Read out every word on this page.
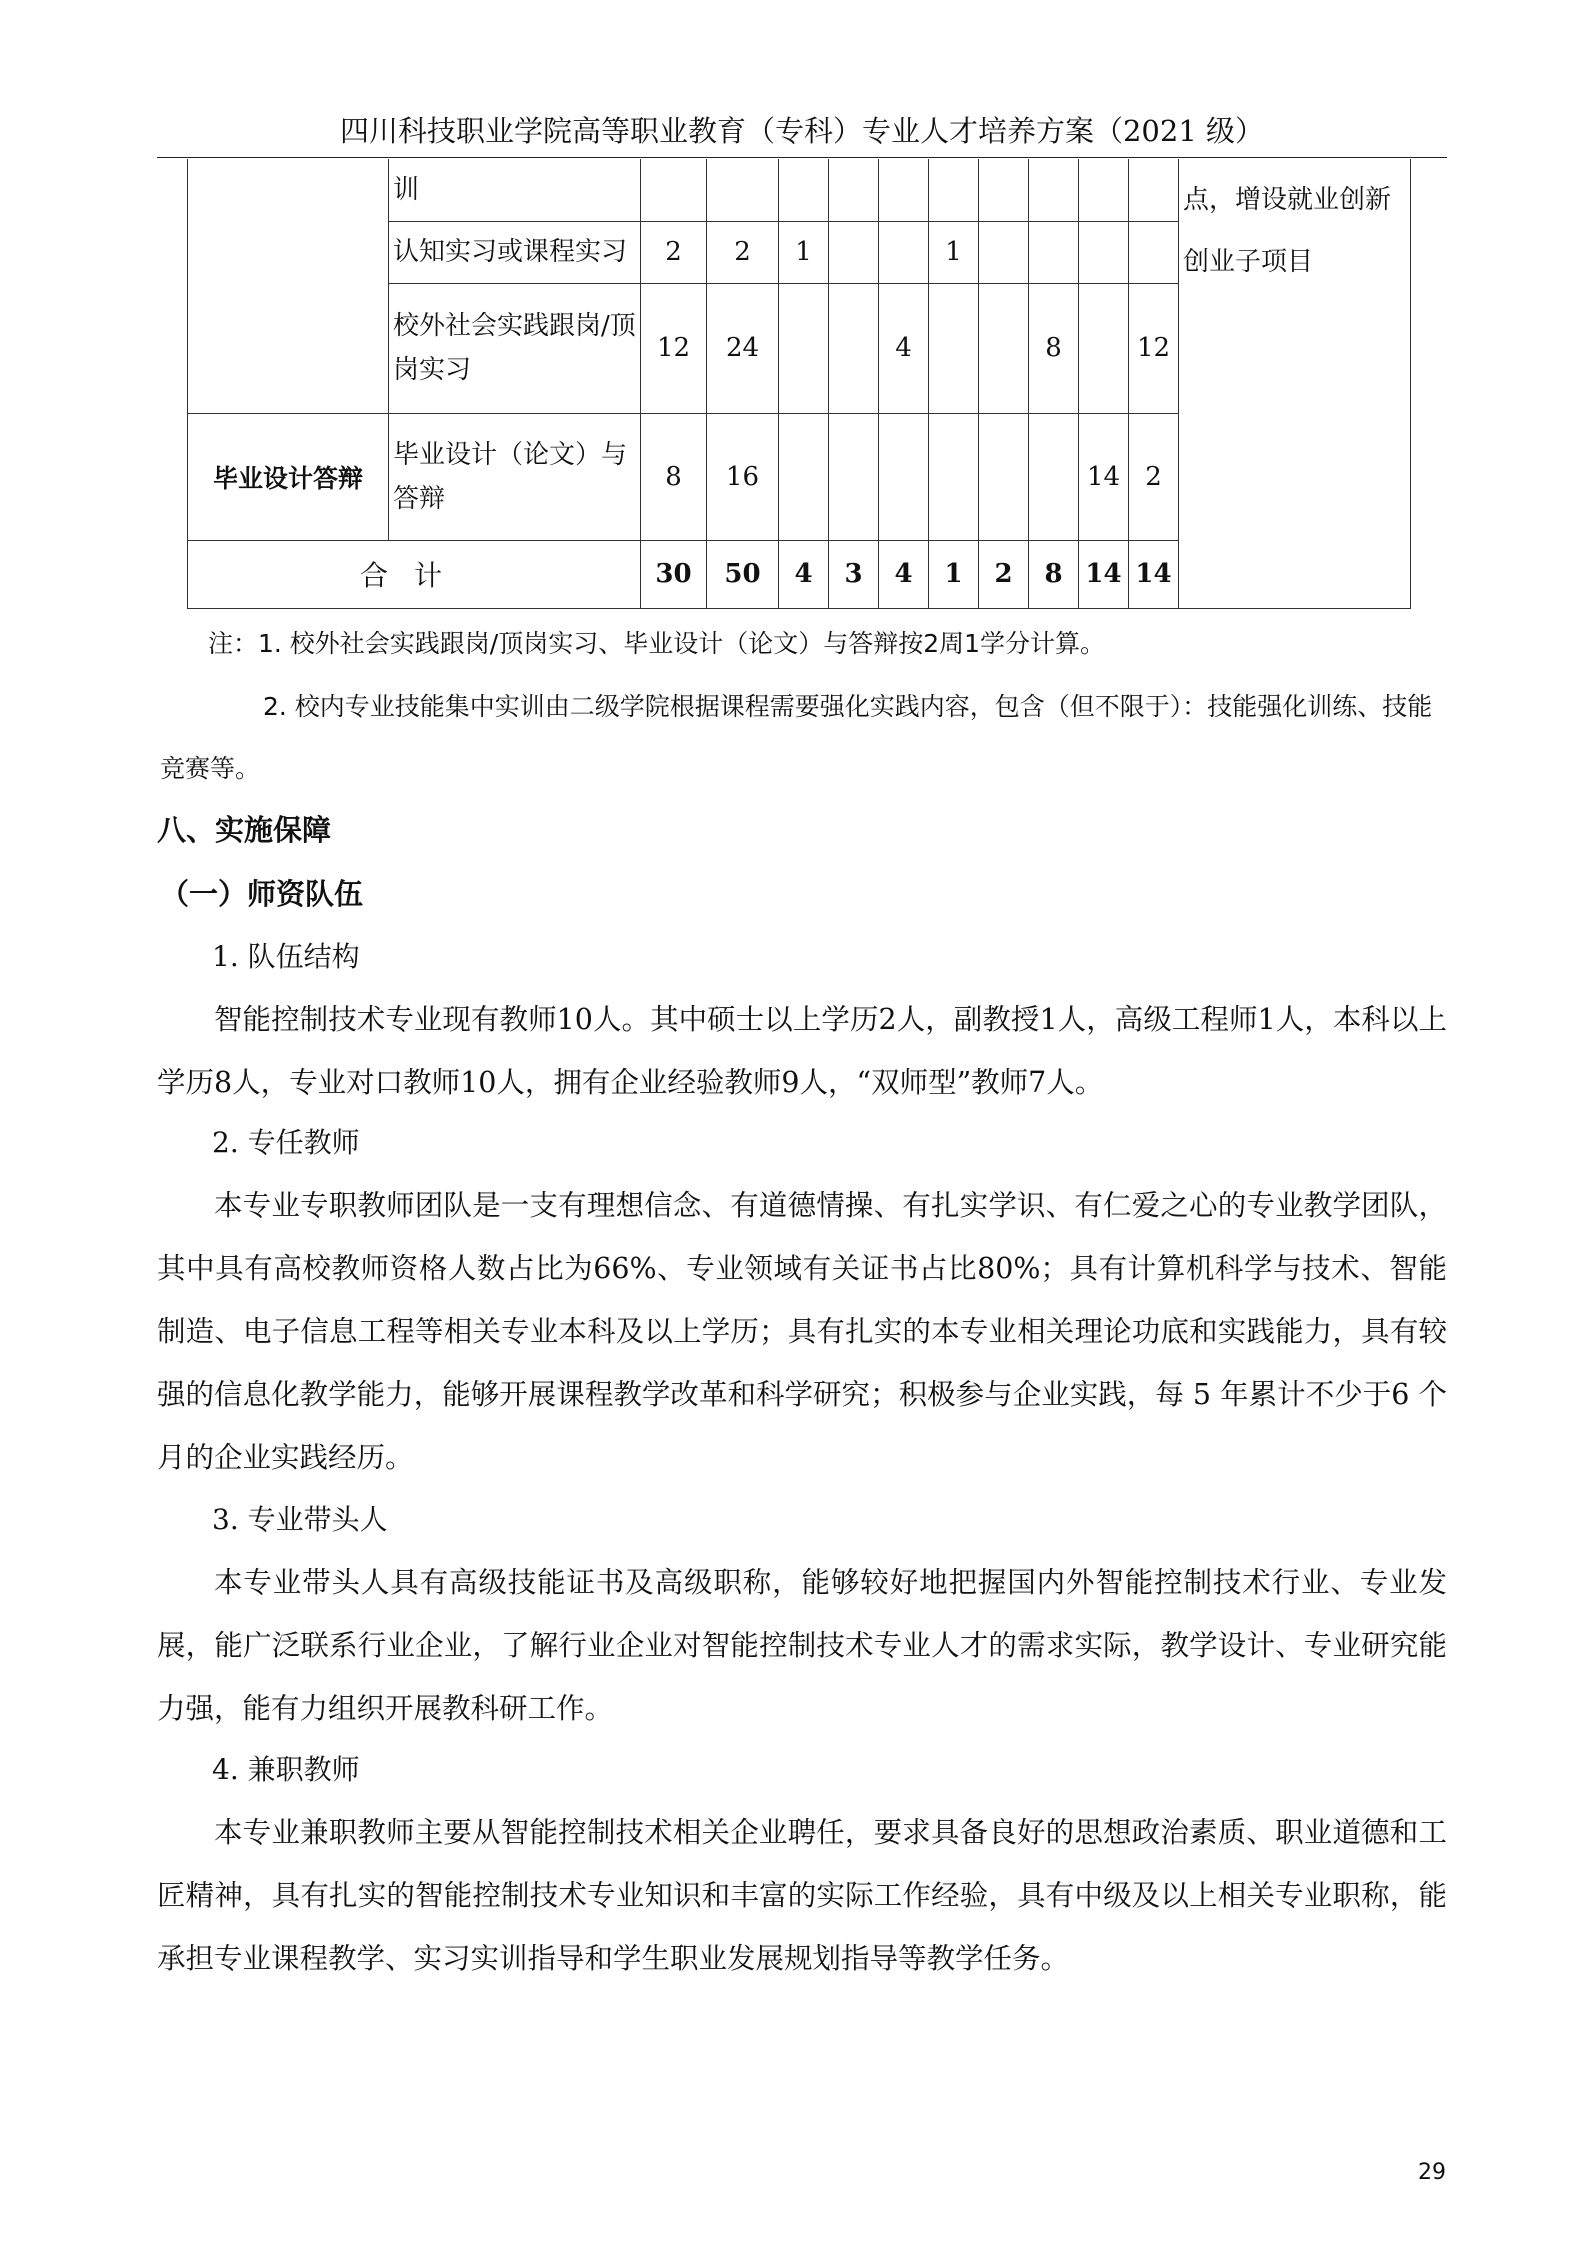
四川科技职业学院高等职业教育（专科）专业人才培养方案（2021 级）
	训											点，增设就业创新创业子项目
	认知实习或课程实习	2	2	1			1					
	校外社会实践跟岗/顶岗实习	12	24			4			8		12	
毕业设计答辩	毕业设计（论文）与答辩	8	16							14	2	
合计		30	50	4	3	4	1	2	8	14	14	
注：1. 校外社会实践跟岗/顶岗实习、毕业设计（论文）与答辩按2周1学分计算。
2. 校内专业技能集中实训由二级学院根据课程需要强化实践内容，包含（但不限于）：技能强化训练、技能竞赛等。
八、实施保障
（一）师资队伍
1. 队伍结构
智能控制技术专业现有教师10人。其中硕士以上学历2人，副教授1人，高级工程师1人，本科以上学历8人，专业对口教师10人，拥有企业经验教师9人，“双师型”教师7人。
2. 专任教师
本专业专职教师团队是一支有理想信念、有道德情操、有扎实学识、有仁爱之心的专业教学团队，其中具有高校教师资格人数占比为66%、专业领域有关证书占比80%；具有计算机科学与技术、智能制造、电子信息工程等相关专业本科及以上学历；具有扎实的本专业相关理论功底和实践能力，具有较强的信息化教学能力，能够开展课程教学改革和科学研究；积极参与企业实践，每 5 年累计不少于6 个月的企业实践经历。
3. 专业带头人
本专业带头人具有高级技能证书及高级职称，能够较好地把握国内外智能控制技术行业、专业发展，能广泛联系行业企业，了解行业企业对智能控制技术专业人才的需求实际，教学设计、专业研究能力强，能有力组织开展教科研工作。
4. 兼职教师
本专业兼职教师主要从智能控制技术相关企业聘任，要求具备良好的思想政治素质、职业道德和工匠精神，具有扎实的智能控制技术专业知识和丰富的实际工作经验，具有中级及以上相关专业职称，能承担专业课程教学、实习实训指导和学生职业发展规划指导等教学任务。
29
